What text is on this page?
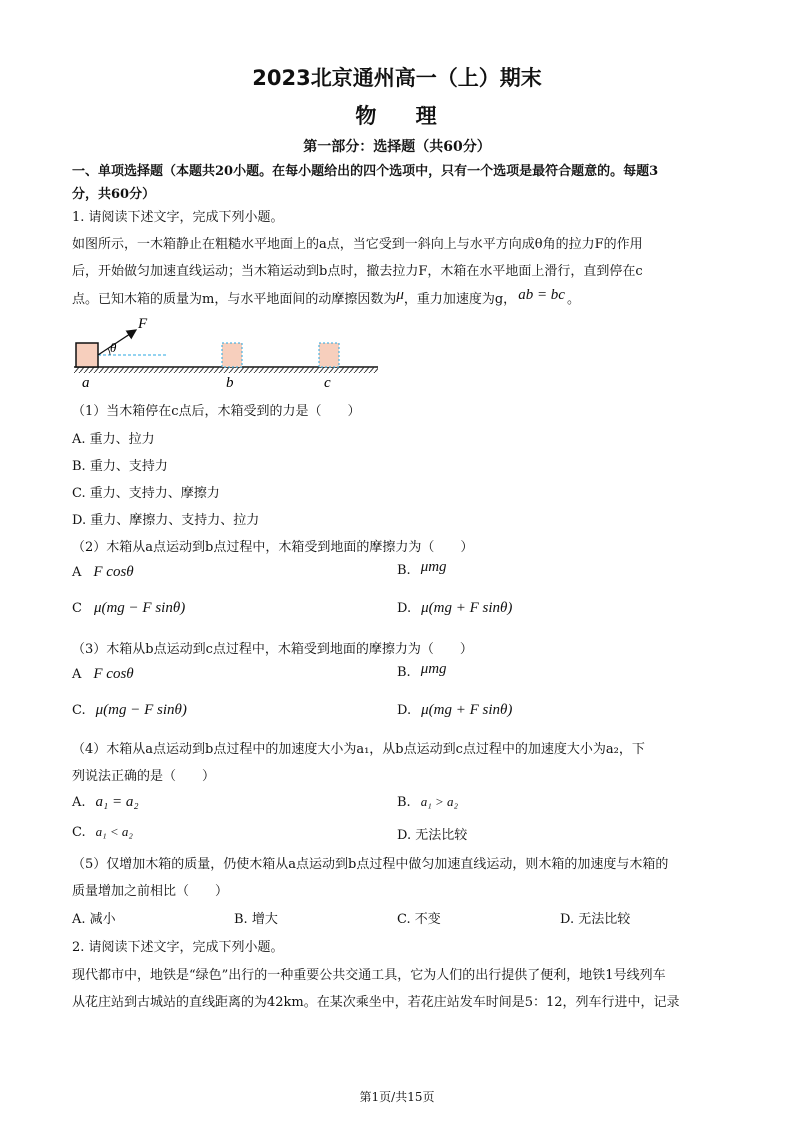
2023北京通州高一（上）期末
物    理
第一部分：选择题（共60分）
一、单项选择题（本题共20小题。在每小题给出的四个选项中，只有一个选项是最符合题意的。每题3
分，共60分）
1. 请阅读下述文字，完成下列小题。
如图所示，一木箱静止在粗糙水平地面上的a点，当它受到一斜向上与水平方向成θ角的拉力F的作用
后，开始做匀加速直线运动；当木箱运动到b点时，撤去拉力F，木箱在水平地面上滑行，直到停在c
点。已知木箱的质量为m，与水平地面间的动摩擦因数为μ，重力加速度为g， ab = bc 。
F
θ
a	b	c
（1）当木箱停在c点后，木箱受到的力是（　　）
A. 重力、拉力
B. 重力、支持力
C. 重力、支持力、摩擦力
D. 重力、摩擦力、支持力、拉力
（2）木箱从a点运动到b点过程中，木箱受到地面的摩擦力为（　　）
A F cosθ	B. μmg
C μ(mg − F sinθ)	D. μ(mg + F sinθ)
（3）木箱从b点运动到c点过程中，木箱受到地面的摩擦力为（　　）
A F cosθ	B. μmg
C. μ(mg − F sinθ)	D. μ(mg + F sinθ)
（4）木箱从a点运动到b点过程中的加速度大小为a₁，从b点运动到c点过程中的加速度大小为a₂，下
列说法正确的是（　　）
A. a₁ = a₂	B. a₁ > a₂
C. a₁ < a₂	D. 无法比较
（5）仅增加木箱的质量，仍使木箱从a点运动到b点过程中做匀加速直线运动，则木箱的加速度与木箱的
质量增加之前相比（　　）
A. 减小	B. 增大	C. 不变	D. 无法比较
2. 请阅读下述文字，完成下列小题。
现代都市中，地铁是“绿色”出行的一种重要公共交通工具，它为人们的出行提供了便利，地铁1号线列车
从花庄站到古城站的直线距离的为42km。在某次乘坐中，若花庄站发车时间是5：12，列车行进中，记录
第1页/共15页
